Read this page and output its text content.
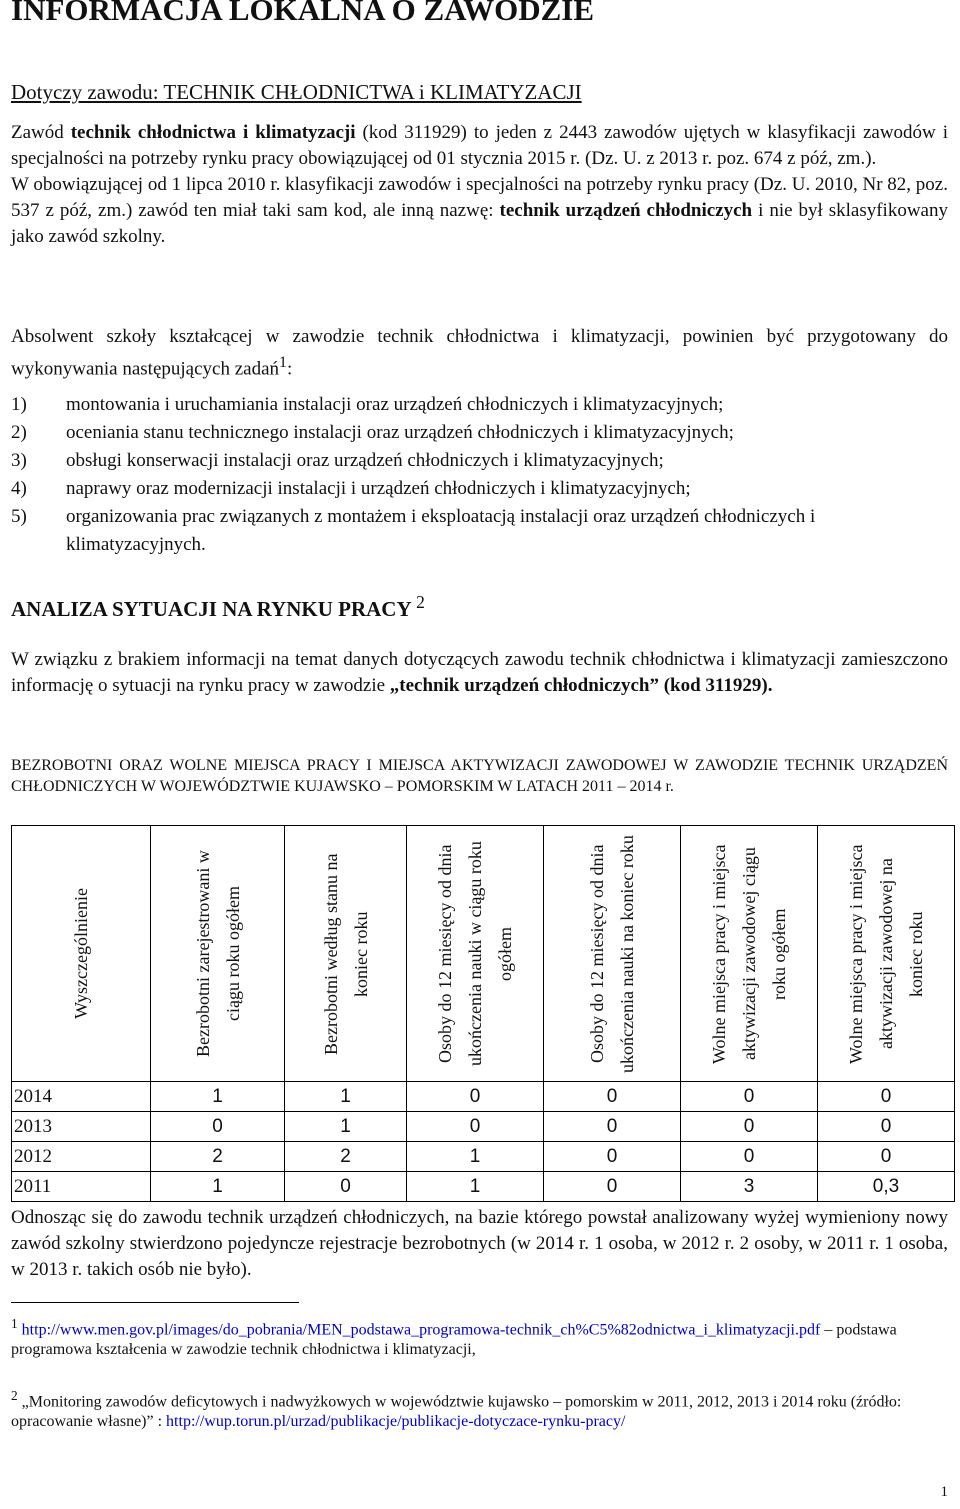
INFORMACJA LOKALNA O ZAWODZIE
Dotyczy zawodu: TECHNIK CHŁODNICTWA i KLIMATYZACJI
Zawód technik chłodnictwa i klimatyzacji (kod 311929) to jeden z 2443 zawodów ujętych w klasyfikacji zawodów i specjalności na potrzeby rynku pracy obowiązującej od 01 stycznia 2015 r. (Dz. U. z 2013 r. poz. 674 z póź, zm.).
W obowiązującej od 1 lipca 2010 r. klasyfikacji zawodów i specjalności na potrzeby rynku pracy (Dz. U. 2010, Nr 82, poz. 537 z póź, zm.) zawód ten miał taki sam kod, ale inną nazwę: technik urządzeń chłodniczych i nie był sklasyfikowany jako zawód szkolny.
Absolwent szkoły kształcącej w zawodzie technik chłodnictwa i klimatyzacji, powinien być przygotowany do wykonywania następujących zadań$^1$:
1)	montowania i uruchamiania instalacji oraz urządzeń chłodniczych i klimatyzacyjnych;
2)	oceniania stanu technicznego instalacji oraz urządzeń chłodniczych i klimatyzacyjnych;
3)	obsługi konserwacji instalacji oraz urządzeń chłodniczych i klimatyzacyjnych;
4)	naprawy oraz modernizacji instalacji i urządzeń chłodniczych i klimatyzacyjnych;
5)	organizowania prac związanych z montażem i eksploatacją instalacji oraz urządzeń chłodniczych i klimatyzacyjnych.
ANALIZA SYTUACJI NA RYNKU PRACY $^2$
W związku z brakiem informacji na temat danych dotyczących zawodu technik chłodnictwa i klimatyzacji zamieszczono informację o sytuacji na rynku pracy w zawodzie „technik urządzeń chłodniczych” (kod 311929).
BEZROBOTNI ORAZ WOLNE MIEJSCA PRACY I MIEJSCA AKTYWIZACJI ZAWODOWEJ W ZAWODZIE TECHNIK URZĄDZEŃ CHŁODNICZYCH W WOJEWÓDZTWIE KUJAWSKO – POMORSKIM W LATACH 2011 – 2014 r.
Wyszczególnienie	Bezrobotni zarejestrowani w ciągu roku ogółem	Bezrobotni według stanu na koniec roku	Osoby do 12 miesięcy od dnia ukończenia nauki w ciągu roku ogółem	Osoby do 12 miesięcy od dnia ukończenia nauki na koniec roku	Wolne miejsca pracy i miejsca aktywizacji zawodowej ciągu roku ogółem	Wolne miejsca pracy i miejsca aktywizacji zawodowej na koniec roku

2014	1	1	0	0	0	0
2013	0	1	0	0	0	0
2012	2	2	1	0	0	0
2011	1	0	1	0	3	0,3
Odnosząc się do zawodu technik urządzeń chłodniczych, na bazie którego powstał analizowany wyżej wymieniony nowy zawód szkolny stwierdzono pojedyncze rejestracje bezrobotnych (w 2014 r. 1 osoba, w 2012 r. 2 osoby, w 2011 r. 1 osoba, w 2013 r. takich osób nie było).
$^1$ http://www.men.gov.pl/images/do_pobrania/MEN_podstawa_programowa-technik_ch%C5%82odnictwa_i_klimatyzacji.pdf – podstawa programowa kształcenia w zawodzie technik chłodnictwa i klimatyzacji,
$^2$ „Monitoring zawodów deficytowych i nadwyżkowych w województwie kujawsko – pomorskim w 2011, 2012, 2013 i 2014 roku (źródło: opracowanie własne)” : http://wup.torun.pl/urzad/publikacje/publikacje-dotyczace-rynku-pracy/
1
